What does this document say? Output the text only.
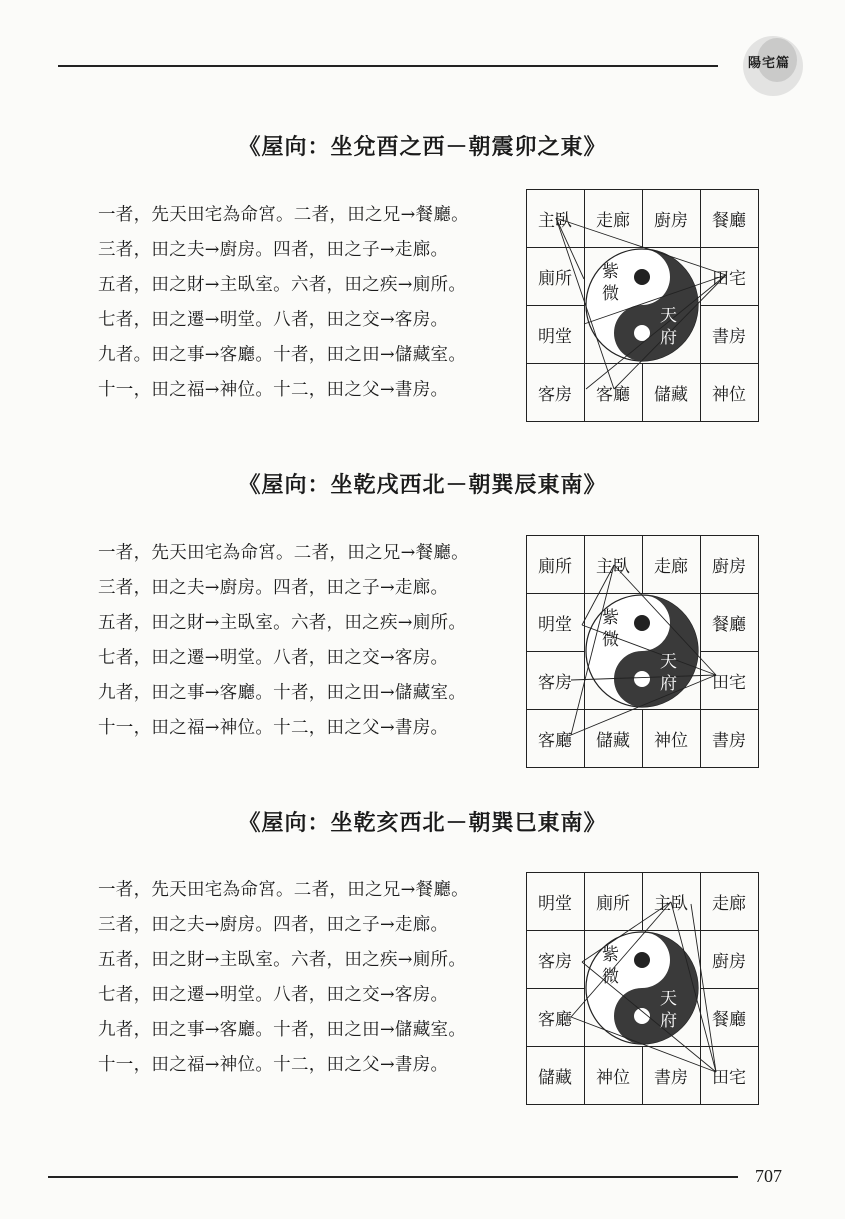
陽宅篇
《屋向：坐兌酉之西－朝震卯之東》
一者，先天田宅為命宮。二者，田之兄→餐廳。
三者，田之夫→廚房。四者，田之子→走廊。
五者，田之財→主臥室。六者，田之疾→廁所。
七者，田之遷→明堂。八者，田之交→客房。
九者。田之事→客廳。十者，田之田→儲藏室。
十一，田之福→神位。十二，田之父→書房。
主臥	走廊	廚房	餐廳
廁所	田宅
明堂	書房
客房	客廳	儲藏	神位
紫微
天府
《屋向：坐乾戌西北－朝巽辰東南》
一者，先天田宅為命宮。二者，田之兄→餐廳。
三者，田之夫→廚房。四者，田之子→走廊。
五者，田之財→主臥室。六者，田之疾→廁所。
七者，田之遷→明堂。八者，田之交→客房。
九者，田之事→客廳。十者，田之田→儲藏室。
十一，田之福→神位。十二，田之父→書房。
廁所	主臥	走廊	廚房
明堂	餐廳
客房	田宅
客廳	儲藏	神位	書房
紫微
天府
《屋向：坐乾亥西北－朝巽巳東南》
一者，先天田宅為命宮。二者，田之兄→餐廳。
三者，田之夫→廚房。四者，田之子→走廊。
五者，田之財→主臥室。六者，田之疾→廁所。
七者，田之遷→明堂。八者，田之交→客房。
九者，田之事→客廳。十者，田之田→儲藏室。
十一，田之福→神位。十二，田之父→書房。
明堂	廁所	主臥	走廊
客房	廚房
客廳	餐廳
儲藏	神位	書房	田宅
紫微
天府
707
